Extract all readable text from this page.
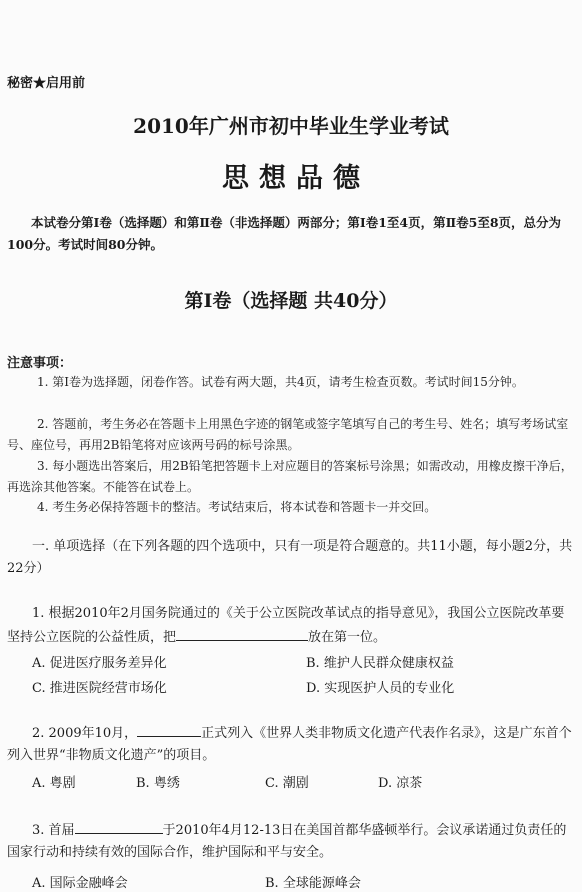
秘密★启用前
2010年广州市初中毕业生学业考试
思想品德
本试卷分第Ⅰ卷（选择题）和第Ⅱ卷（非选择题）两部分；第Ⅰ卷1至4页，第Ⅱ卷5至8页，总分为100分。考试时间80分钟。
第Ⅰ卷（选择题 共40分）
注意事项：
1. 第Ⅰ卷为选择题，闭卷作答。试卷有两大题，共4页，请考生检查页数。考试时间15分钟。
2. 答题前，考生务必在答题卡上用黑色字迹的钢笔或签字笔填写自己的考生号、姓名；填写考场试室号、座位号，再用2B铅笔将对应该两号码的标号涂黑。
3. 每小题选出答案后，用2B铅笔把答题卡上对应题目的答案标号涂黑；如需改动，用橡皮擦干净后，再选涂其他答案。不能答在试卷上。
4. 考生务必保持答题卡的整洁。考试结束后，将本试卷和答题卡一并交回。
一. 单项选择（在下列各题的四个选项中，只有一项是符合题意的。共11小题，每小题2分，共22分）
1. 根据2010年2月国务院通过的《关于公立医院改革试点的指导意见》，我国公立医院改革要坚持公立医院的公益性质，把	放在第一位。
A. 促进医疗服务差异化	B. 维护人民群众健康权益
C. 推进医院经营市场化	D. 实现医护人员的专业化
2. 2009年10月，	正式列入《世界人类非物质文化遗产代表作名录》，这是广东首个列入世界“非物质文化遗产”的项目。
A. 粤剧	B. 粤绣	C. 潮剧	D. 凉茶
3. 首届	于2010年4月12-13日在美国首都华盛顿举行。会议承诺通过负责任的国家行动和持续有效的国际合作，维护国际和平与安全。
A. 国际金融峰会	B. 全球能源峰会
